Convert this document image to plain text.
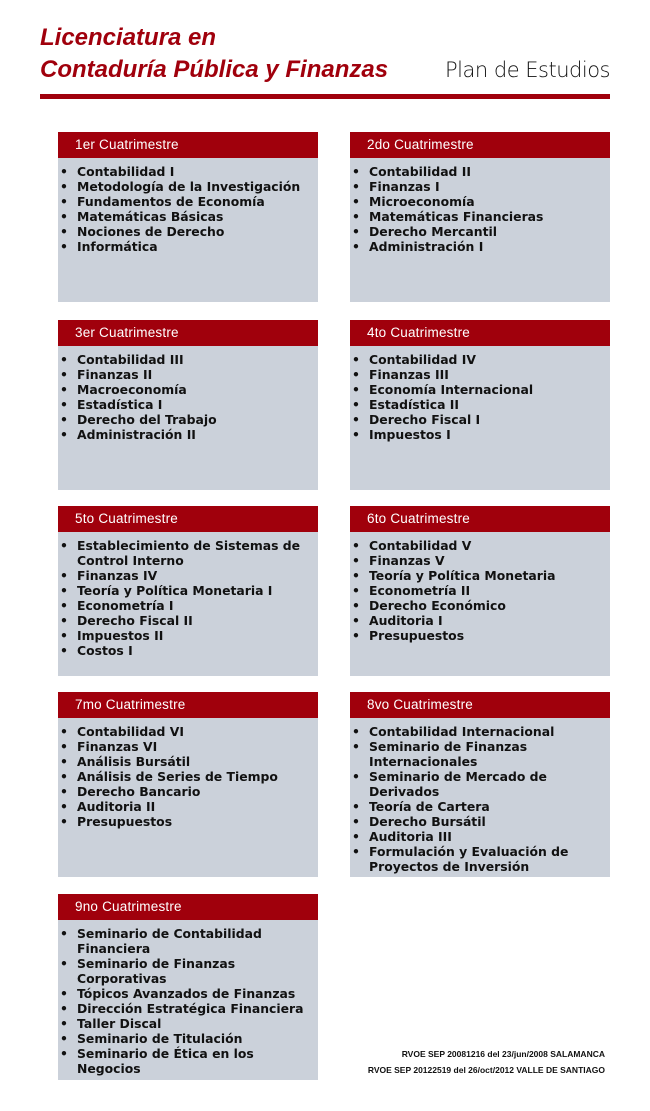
Licenciatura en
Contaduría Pública y Finanzas	Plan de Estudios
1er Cuatrimestre
• Contabilidad I
• Metodología de la Investigación
• Fundamentos de Economía
• Matemáticas Básicas
• Nociones de Derecho
• Informática
2do Cuatrimestre
• Contabilidad II
• Finanzas I
• Microeconomía
• Matemáticas Financieras
• Derecho Mercantil
• Administración I
3er Cuatrimestre
• Contabilidad III
• Finanzas II
• Macroeconomía
• Estadística I
• Derecho del Trabajo
• Administración II
4to Cuatrimestre
• Contabilidad IV
• Finanzas III
• Economía Internacional
• Estadística II
• Derecho Fiscal I
• Impuestos I
5to Cuatrimestre
• Establecimiento de Sistemas de Control Interno
• Finanzas IV
• Teoría y Política Monetaria I
• Econometría I
• Derecho Fiscal II
• Impuestos II
• Costos I
6to Cuatrimestre
• Contabilidad V
• Finanzas V
• Teoría y Política Monetaria
• Econometría II
• Derecho Económico
• Auditoria I
• Presupuestos
7mo Cuatrimestre
• Contabilidad VI
• Finanzas VI
• Análisis Bursátil
• Análisis de Series de Tiempo
• Derecho Bancario
• Auditoria II
• Presupuestos
8vo Cuatrimestre
• Contabilidad Internacional
• Seminario de Finanzas Internacionales
• Seminario de Mercado de Derivados
• Teoría de Cartera
• Derecho Bursátil
• Auditoria III
• Formulación y Evaluación de Proyectos de Inversión
9no Cuatrimestre
• Seminario de Contabilidad Financiera
• Seminario de Finanzas Corporativas
• Tópicos Avanzados de Finanzas
• Dirección Estratégica Financiera
• Taller Discal
• Seminario de Titulación
• Seminario de Ética en los Negocios
RVOE SEP 20081216 del 23/jun/2008 SALAMANCA
RVOE SEP 20122519 del 26/oct/2012 VALLE DE SANTIAGO
